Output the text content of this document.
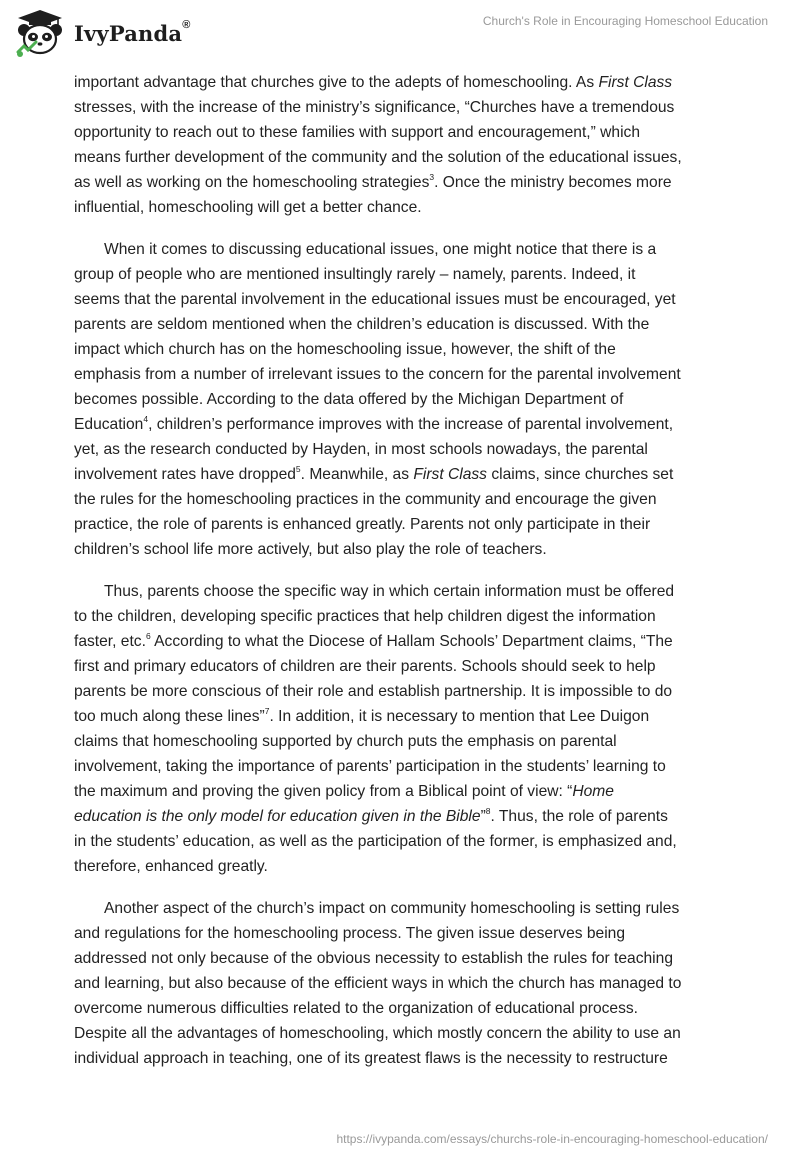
IvyPanda®	Church's Role in Encouraging Homeschool Education

important advantage that churches give to the adepts of homeschooling. As First Class
stresses, with the increase of the ministry’s significance, “Churches have a tremendous
opportunity to reach out to these families with support and encouragement,” which
means further development of the community and the solution of the educational issues,
as well as working on the homeschooling strategies$^3$. Once the ministry becomes more
influential, homeschooling will get a better chance.

When it comes to discussing educational issues, one might notice that there is a
group of people who are mentioned insultingly rarely – namely, parents. Indeed, it
seems that the parental involvement in the educational issues must be encouraged, yet
parents are seldom mentioned when the children’s education is discussed. With the
impact which church has on the homeschooling issue, however, the shift of the
emphasis from a number of irrelevant issues to the concern for the parental involvement
becomes possible. According to the data offered by the Michigan Department of
Education$^4$, children’s performance improves with the increase of parental involvement,
yet, as the research conducted by Hayden, in most schools nowadays, the parental
involvement rates have dropped$^5$. Meanwhile, as First Class claims, since churches set
the rules for the homeschooling practices in the community and encourage the given
practice, the role of parents is enhanced greatly. Parents not only participate in their
children’s school life more actively, but also play the role of teachers.

Thus, parents choose the specific way in which certain information must be offered
to the children, developing specific practices that help children digest the information
faster, etc.$^6$ According to what the Diocese of Hallam Schools’ Department claims, “The
first and primary educators of children are their parents. Schools should seek to help
parents be more conscious of their role and establish partnership. It is impossible to do
too much along these lines”$^7$. In addition, it is necessary to mention that Lee Duigon
claims that homeschooling supported by church puts the emphasis on parental
involvement, taking the importance of parents’ participation in the students’ learning to
the maximum and proving the given policy from a Biblical point of view: “Home
education is the only model for education given in the Bible”$^8$. Thus, the role of parents
in the students’ education, as well as the participation of the former, is emphasized and,
therefore, enhanced greatly.

Another aspect of the church’s impact on community homeschooling is setting rules
and regulations for the homeschooling process. The given issue deserves being
addressed not only because of the obvious necessity to establish the rules for teaching
and learning, but also because of the efficient ways in which the church has managed to
overcome numerous difficulties related to the organization of educational process.
Despite all the advantages of homeschooling, which mostly concern the ability to use an
individual approach in teaching, one of its greatest flaws is the necessity to restructure

https://ivypanda.com/essays/churchs-role-in-encouraging-homeschool-education/
